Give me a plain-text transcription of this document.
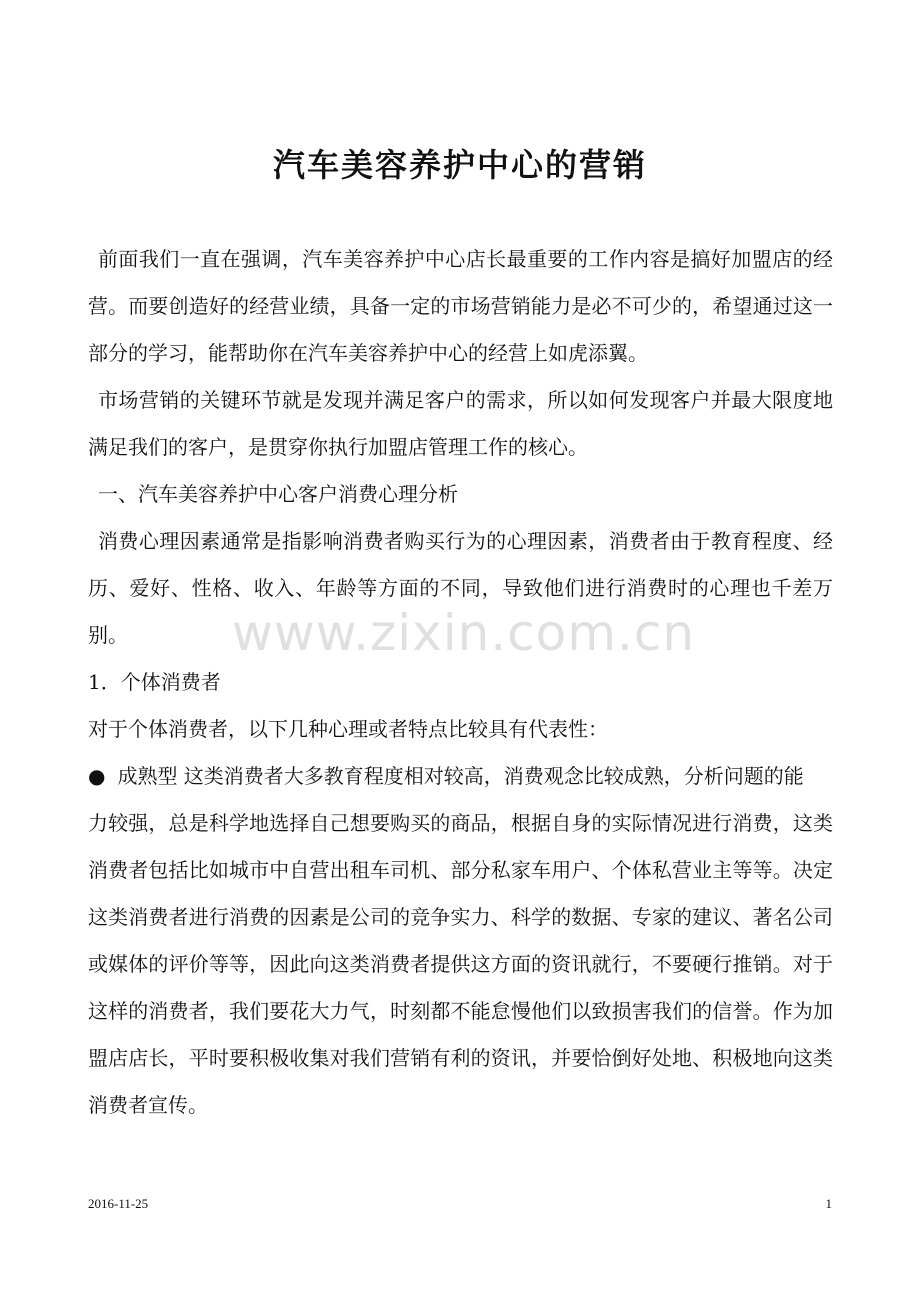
汽车美容养护中心的营销

前面我们一直在强调，汽车美容养护中心店长最重要的工作内容是搞好加盟店的经营。而要创造好的经营业绩，具备一定的市场营销能力是必不可少的，希望通过这一部分的学习，能帮助你在汽车美容养护中心的经营上如虎添翼。

市场营销的关键环节就是发现并满足客户的需求，所以如何发现客户并最大限度地满足我们的客户，是贯穿你执行加盟店管理工作的核心。

一、汽车美容养护中心客户消费心理分析

消费心理因素通常是指影响消费者购买行为的心理因素，消费者由于教育程度、经历、爱好、性格、收入、年龄等方面的不同，导致他们进行消费时的心理也千差万别。

1．个体消费者

对于个体消费者，以下几种心理或者特点比较具有代表性：

● 成熟型 这类消费者大多教育程度相对较高，消费观念比较成熟，分析问题的能

力较强，总是科学地选择自己想要购买的商品，根据自身的实际情况进行消费，这类消费者包括比如城市中自营出租车司机、部分私家车用户、个体私营业主等等。决定这类消费者进行消费的因素是公司的竞争实力、科学的数据、专家的建议、著名公司或媒体的评价等等，因此向这类消费者提供这方面的资讯就行，不要硬行推销。对于这样的消费者，我们要花大力气，时刻都不能怠慢他们以致损害我们的信誉。作为加盟店店长，平时要积极收集对我们营销有利的资讯，并要恰倒好处地、积极地向这类消费者宣传。

www.zixin.com.cn
2016-11-25	1
